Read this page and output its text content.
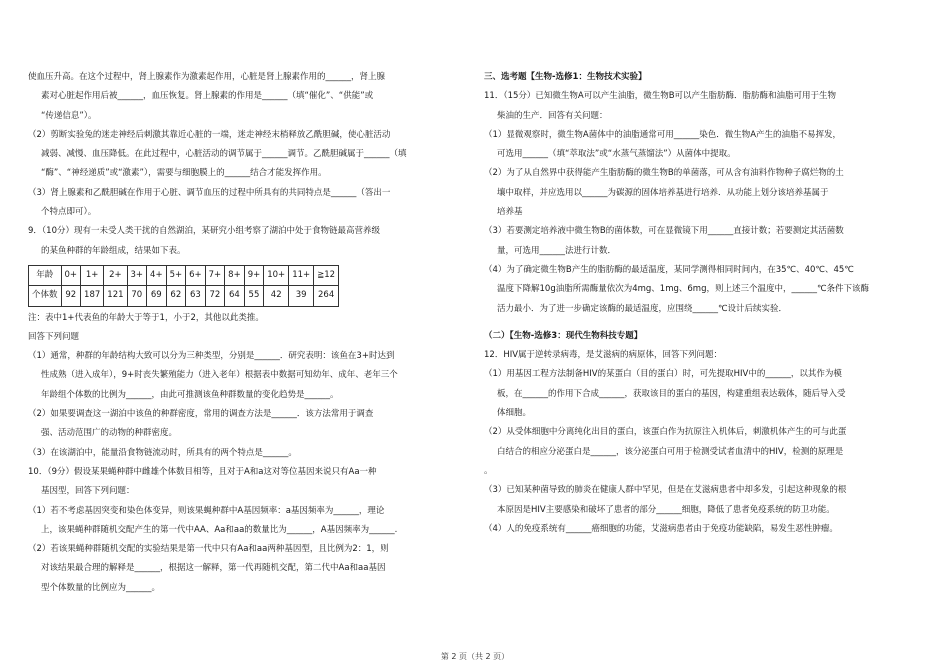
使血压升高。在这个过程中，肾上腺素作为激素起作用，心脏是肾上腺素作用的______，肾上腺

素对心脏起作用后被______，血压恢复。肾上腺素的作用是______（填“催化”、“供能”或

“传递信息”）。

（2）剪断实验兔的迷走神经后刺激其靠近心脏的一端，迷走神经末梢释放乙酰胆碱，使心脏活动

减弱、减慢、血压降低。在此过程中，心脏活动的调节属于______调节。乙酰胆碱属于______（填

“酶”、“神经递质”或“激素”），需要与细胞膜上的______结合才能发挥作用。

（3）肾上腺素和乙酰胆碱在作用于心脏、调节血压的过程中所具有的共同特点是______（答出一

个特点即可）。

9．（10分）现有一未受人类干扰的自然湖泊，某研究小组考察了湖泊中处于食物链最高营养级

的某鱼种群的年龄组成，结果如下表。

年龄	0+	1+	2+	3+	4+	5+	6+	7+	8+	9+	10+	11+	≧12
个体数	92	187	121	70	69	62	63	72	64	55	42	39	264

注：表中1+代表鱼的年龄大于等于1，小于2，其他以此类推。

回答下列问题

（1）通常，种群的年龄结构大致可以分为三种类型，分别是______．研究表明：该鱼在3+时达到

性成熟（进入成年），9+时丧失繁殖能力（进入老年）根据表中数据可知幼年、成年、老年三个

年龄组个体数的比例为______，由此可推测该鱼种群数量的变化趋势是______。

（2）如果要调查这一湖泊中该鱼的种群密度，常用的调查方法是______．该方法常用于调查

强、活动范围广的动物的种群密度。

（3）在该湖泊中，能量沿食物链流动时，所具有的两个特点是______。

10．（9分）假设某果蝇种群中雌雄个体数目相等，且对于A和a这对等位基因来说只有Aa一种

基因型，回答下列问题：

（1）若不考虑基因突变和染色体变异，则该果蝇种群中A基因频率：a基因频率为______，理论

上，该果蝇种群随机交配产生的第一代中AA、Aa和aa的数量比为______，A基因频率为______.

（2）若该果蝇种群随机交配的实验结果是第一代中只有Aa和aa两种基因型，且比例为2：1，则

对该结果最合理的解释是______，根据这一解释，第一代再随机交配，第二代中Aa和aa基因

型个体数量的比例应为______。

三、选考题【生物-选修1：生物技术实验】

11．（15分）已知微生物A可以产生油脂，微生物B可以产生脂肪酶．脂肪酶和油脂可用于生物

柴油的生产．回答有关问题：

（1）显微观察时，微生物A菌体中的油脂通常可用______染色．微生物A产生的油脂不易挥发，

可选用______（填“萃取法”或“水蒸气蒸馏法”）从菌体中提取。

（2）为了从自然界中获得能产生脂肪酶的微生物B的单菌落，可从含有油料作物种子腐烂物的土

壤中取样，并应选用以______为碳源的固体培养基进行培养．从功能上划分该培养基属于

培养基

（3）若要测定培养液中微生物B的菌体数，可在显微镜下用______直接计数；若要测定其活菌数

量，可选用______法进行计数．

（4）为了确定微生物B产生的脂肪酶的最适温度，某同学测得相同时间内，在35℃、40℃、45℃

温度下降解10g油脂所需酶量依次为4mg、1mg、6mg，则上述三个温度中，______℃条件下该酶

活力最小．为了进一步确定该酶的最适温度，应围绕______℃设计后续实验．

（二）【生物-选修3：现代生物科技专题】

12．HIV属于逆转录病毒，是艾滋病的病原体，回答下列问题：

（1）用基因工程方法制备HIV的某蛋白（目的蛋白）时，可先提取HIV中的______，以其作为模

板，在______的作用下合成______，获取该目的蛋白的基因，构建重组表达载体，随后导入受

体细胞。

（2）从受体细胞中分离纯化出目的蛋白，该蛋白作为抗原注入机体后，刺激机体产生的可与此蛋

白结合的相应分泌蛋白是______，该分泌蛋白可用于检测受试者血清中的HIV，检测的原理是

。

（3）已知某种菌导致的肺炎在健康人群中罕见，但是在艾滋病患者中却多发，引起这种现象的根

本原因是HIV主要感染和破坏了患者的部分______细胞，降低了患者免疫系统的防卫功能。

（4）人的免疫系统有______癌细胞的功能，艾滋病患者由于免疫功能缺陷，易发生恶性肿瘤。

第 2 页（共 2 页）
